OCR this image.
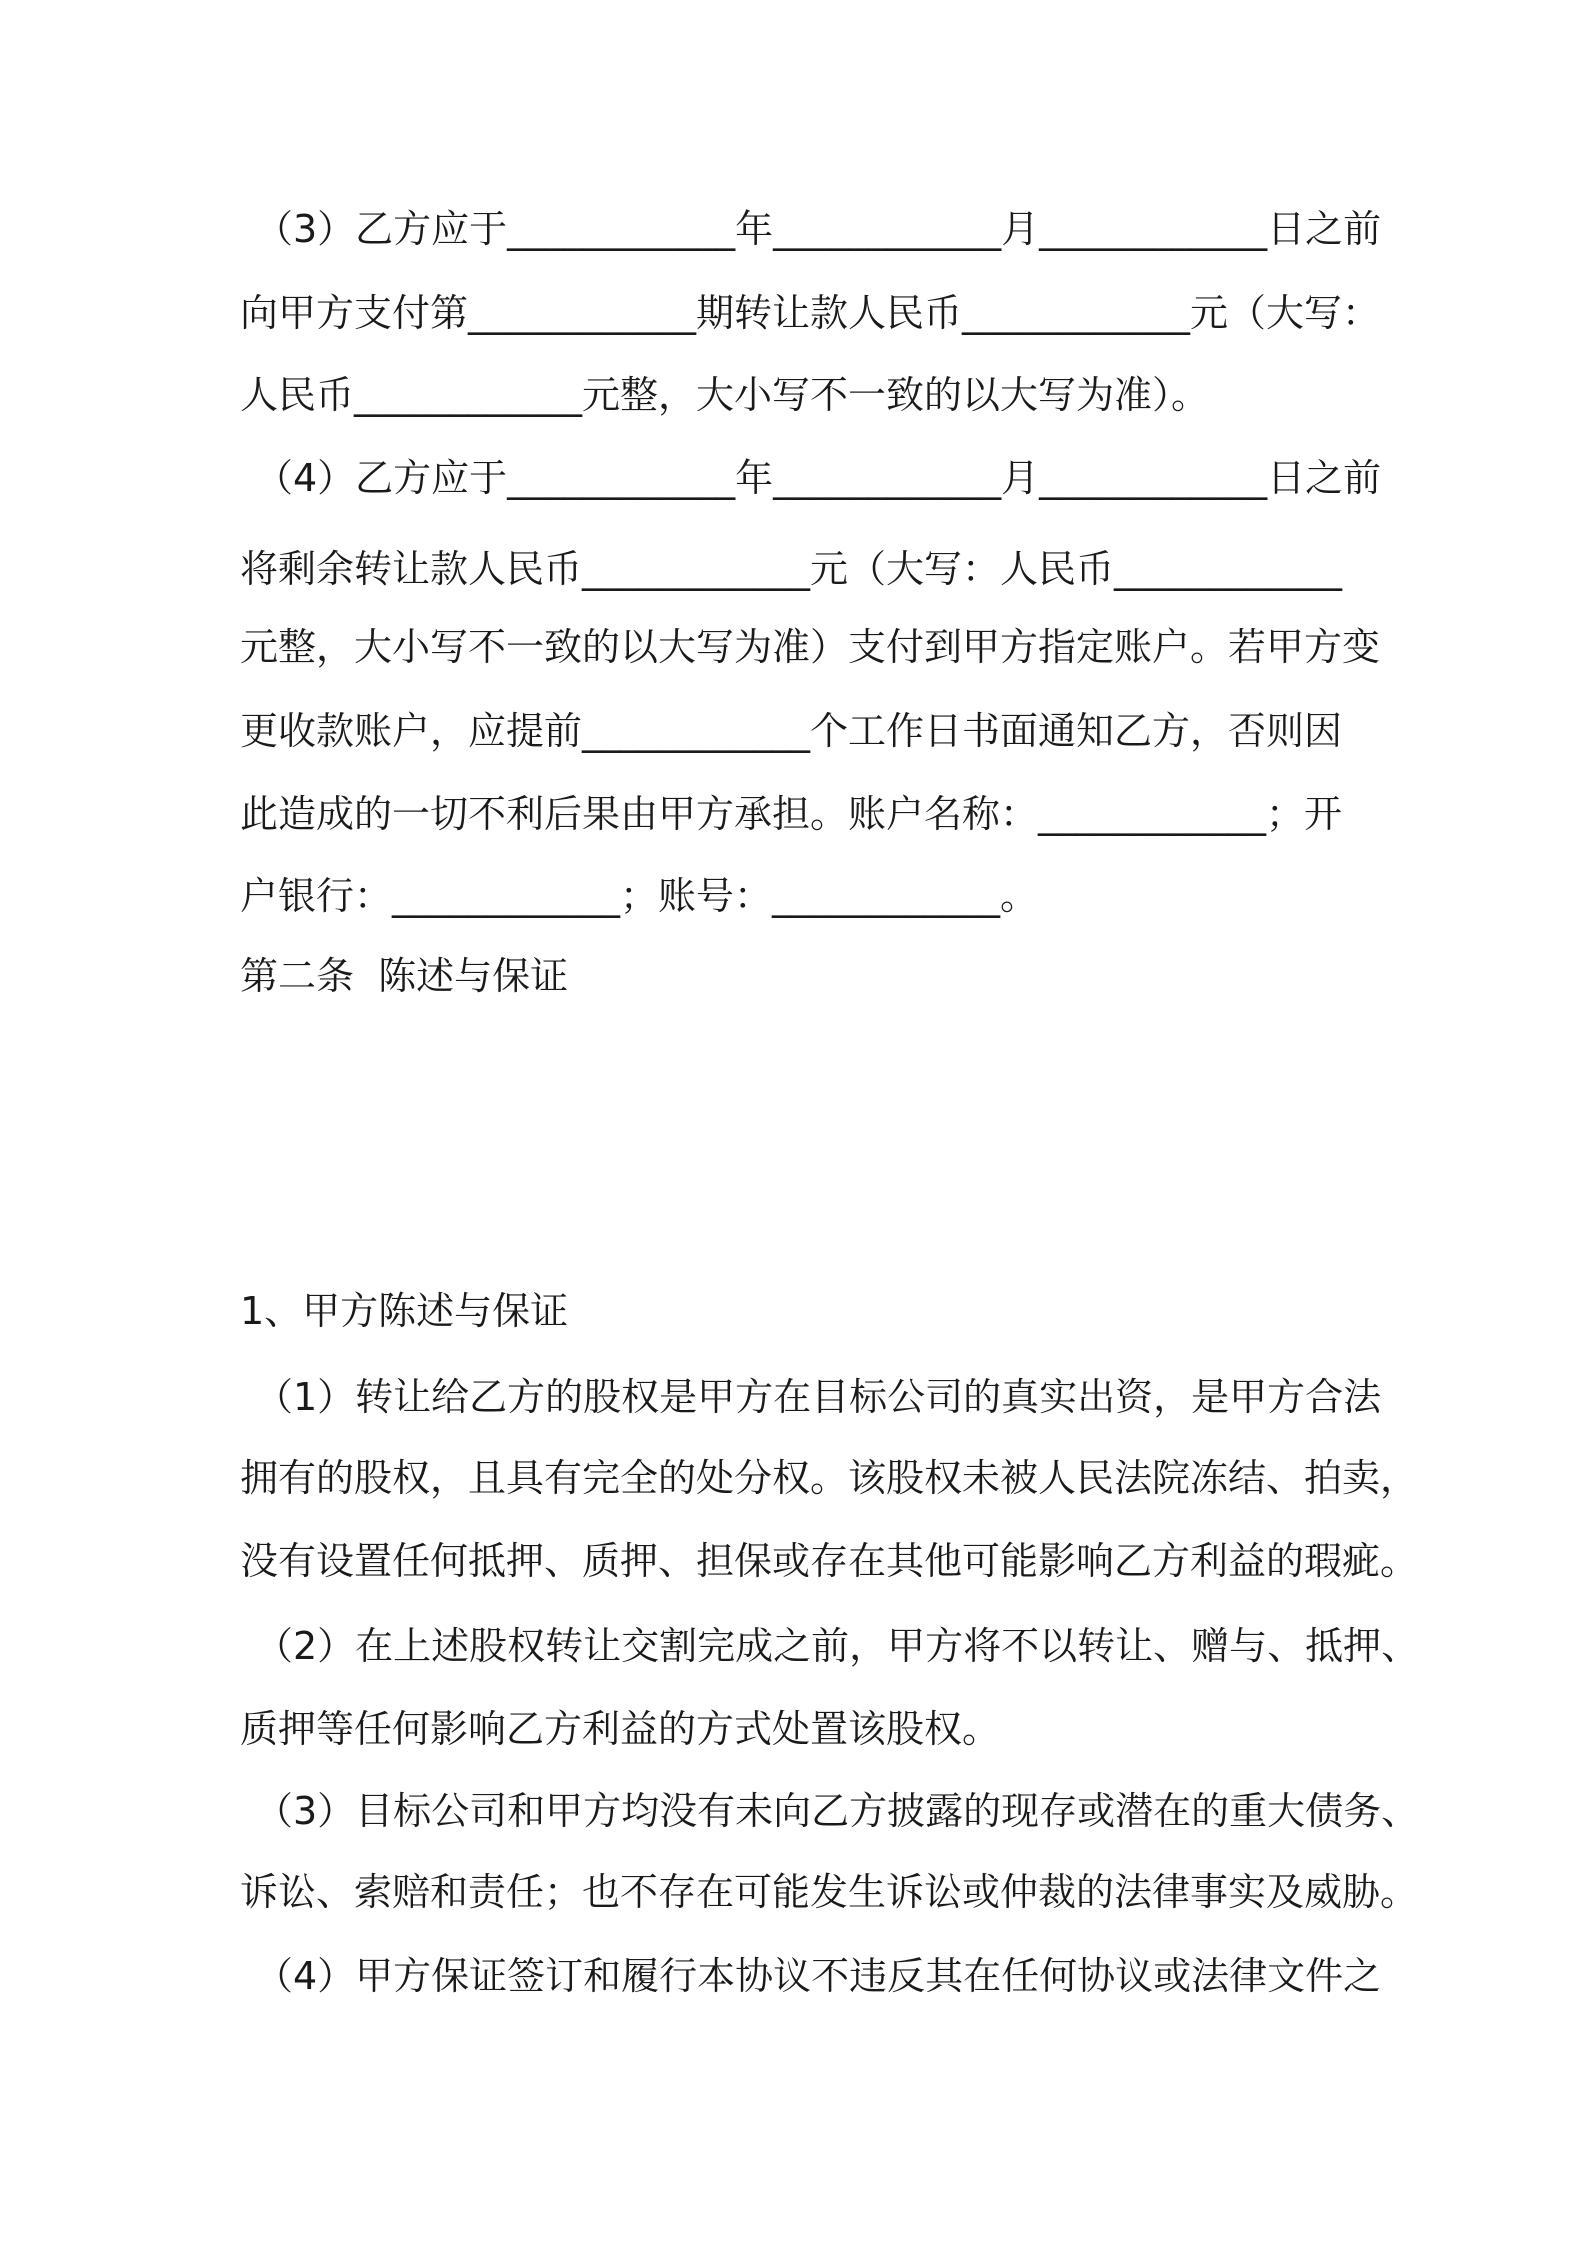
（3）乙方应于____________年____________月____________日之前
向甲方支付第____________期转让款人民币____________元（大写：
人民币____________元整，大小写不一致的以大写为准）。
（4）乙方应于____________年____________月____________日之前
将剩余转让款人民币____________元（大写：人民币____________
元整，大小写不一致的以大写为准）支付到甲方指定账户。若甲方变
更收款账户，应提前____________个工作日书面通知乙方，否则因
此造成的一切不利后果由甲方承担。账户名称：____________；开
户银行：____________；账号：____________。
第二条  陈述与保证
1、甲方陈述与保证
（1）转让给乙方的股权是甲方在目标公司的真实出资，是甲方合法
拥有的股权，且具有完全的处分权。该股权未被人民法院冻结、拍卖，
没有设置任何抵押、质押、担保或存在其他可能影响乙方利益的瑕疵。
（2）在上述股权转让交割完成之前，甲方将不以转让、赠与、抵押、
质押等任何影响乙方利益的方式处置该股权。
（3）目标公司和甲方均没有未向乙方披露的现存或潜在的重大债务、
诉讼、索赔和责任；也不存在可能发生诉讼或仲裁的法律事实及威胁。
（4）甲方保证签订和履行本协议不违反其在任何协议或法律文件之
